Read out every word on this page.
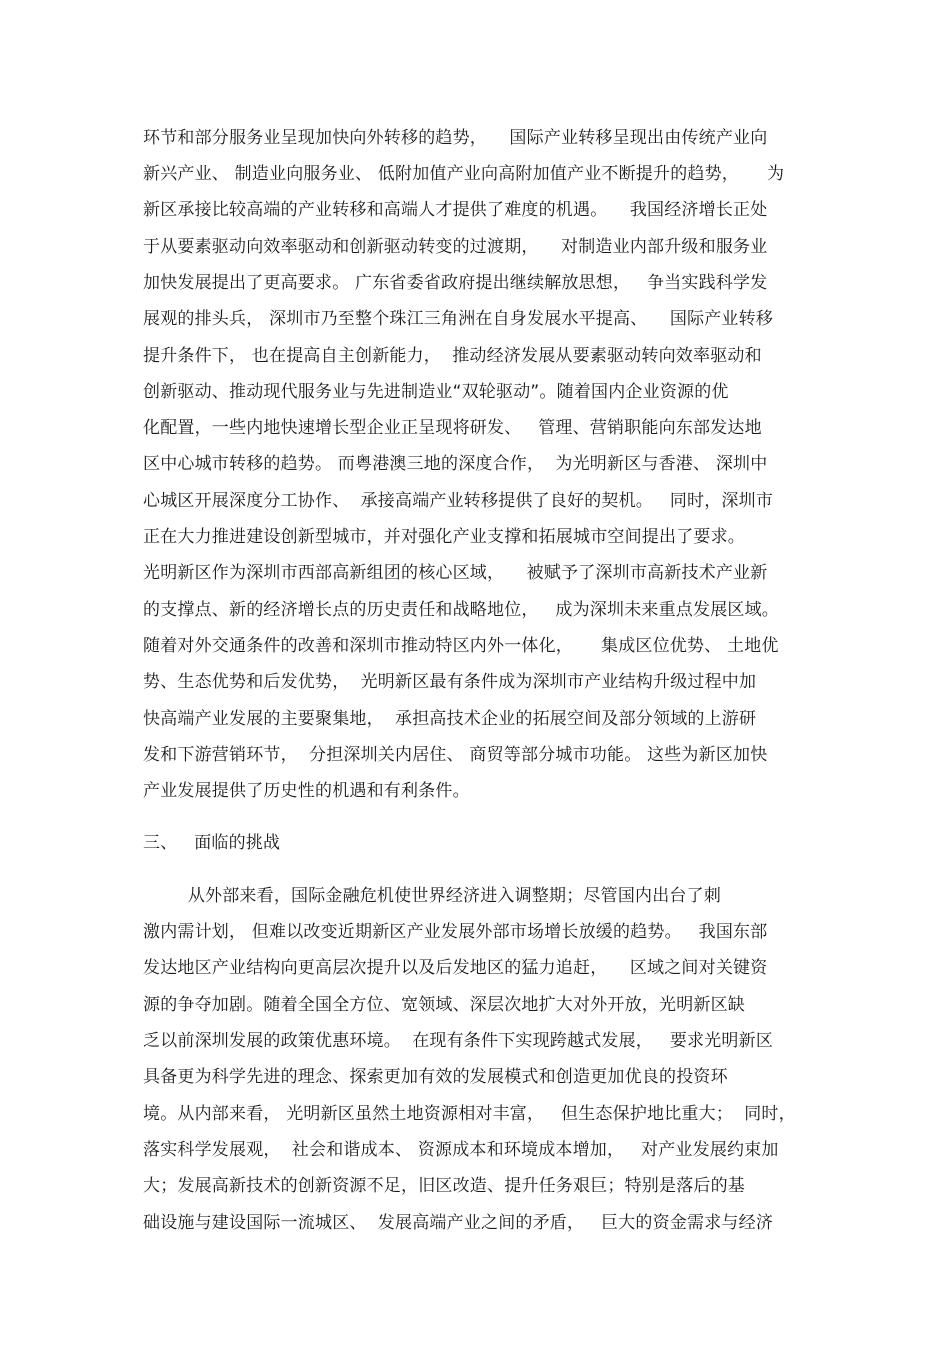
环节和部分服务业呈现加快向外转移的趋势，    国际产业转移呈现出由传统产业向
新兴产业、 制造业向服务业、 低附加值产业向高附加值产业不断提升的趋势，     为
新区承接比较高端的产业转移和高端人才提供了难度的机遇。    我国经济增长正处
于从要素驱动向效率驱动和创新驱动转变的过渡期，    对制造业内部升级和服务业
加快发展提出了更高要求。 广东省委省政府提出继续解放思想，   争当实践科学发
展观的排头兵， 深圳市乃至整个珠江三角洲在自身发展水平提高、    国际产业转移
提升条件下， 也在提高自主创新能力，  推动经济发展从要素驱动转向效率驱动和
创新驱动、推动现代服务业与先进制造业“双轮驱动”。随着国内企业资源的优
化配置，一些内地快速增长型企业正呈现将研发、   管理、营销职能向东部发达地
区中心城市转移的趋势。 而粤港澳三地的深度合作，  为光明新区与香港、 深圳中
心城区开展深度分工协作、  承接高端产业转移提供了良好的契机。   同时，深圳市
正在大力推进建设创新型城市，并对强化产业支撑和拓展城市空间提出了要求。
光明新区作为深圳市西部高新组团的核心区域，    被赋予了深圳市高新技术产业新
的支撑点、新的经济增长点的历史责任和战略地位，   成为深圳未来重点发展区域。
随着对外交通条件的改善和深圳市推动特区内外一体化，     集成区位优势、 土地优
势、生态优势和后发优势，  光明新区最有条件成为深圳市产业结构升级过程中加
快高端产业发展的主要聚集地，  承担高技术企业的拓展空间及部分领域的上游研
发和下游营销环节，  分担深圳关内居住、 商贸等部分城市功能。 这些为新区加快
产业发展提供了历史性的机遇和有利条件。
三、   面临的挑战
从外部来看，国际金融危机使世界经济进入调整期；尽管国内出台了刺
激内需计划， 但难以改变近期新区产业发展外部市场增长放缓的趋势。   我国东部
发达地区产业结构向更高层次提升以及后发地区的猛力追赶，    区域之间对关键资
源的争夺加剧。随着全国全方位、宽领域、深层次地扩大对外开放，光明新区缺
乏以前深圳发展的政策优惠环境。  在现有条件下实现跨越式发展，   要求光明新区
具备更为科学先进的理念、探索更加有效的发展模式和创造更加优良的投资环
境。从内部来看， 光明新区虽然土地资源相对丰富，   但生态保护地比重大；  同时，
落实科学发展观，  社会和谐成本、 资源成本和环境成本增加，   对产业发展约束加
大；发展高新技术的创新资源不足，旧区改造、提升任务艰巨；特别是落后的基
础设施与建设国际一流城区、  发展高端产业之间的矛盾，   巨大的资金需求与经济
